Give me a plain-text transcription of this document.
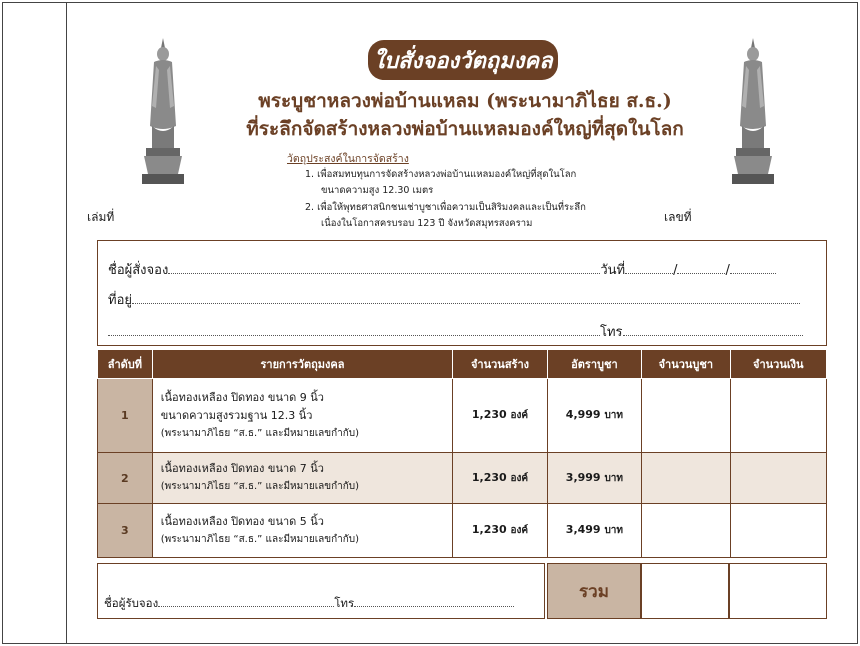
ใบสั่งจองวัตถุมงคล
พระบูชาหลวงพ่อบ้านแหลม (พระนามาภิไธย ส.ธ.)
ที่ระลึกจัดสร้างหลวงพ่อบ้านแหลมองค์ใหญ่ที่สุดในโลก
วัตถุประสงค์ในการจัดสร้าง
1. เพื่อสมทบทุนการจัดสร้างหลวงพ่อบ้านแหลมองค์ใหญ่ที่สุดในโลก
ขนาดความสูง 12.30 เมตร
2. เพื่อให้พุทธศาสนิกชนเช่าบูชาเพื่อความเป็นสิริมงคลและเป็นที่ระลึก
เนื่องในโอกาสครบรอบ 123 ปี จังหวัดสมุทรสงคราม
เล่มที่	เลขที่
ชื่อผู้สั่งจอง	วันที่	/	/
ที่อยู่
โทร
ลำดับที่	รายการวัตถุมงคล	จำนวนสร้าง	อัตราบูชา	จำนวนบูชา	จำนวนเงิน
1	เนื้อทองเหลือง ปิดทอง ขนาด 9 นิ้ว
ขนาดความสูงรวมฐาน 12.3 นิ้ว
(พระนามาภิไธย “ส.ธ.” และมีหมายเลขกำกับ)	1,230 องค์	4,999 บาท		
2	เนื้อทองเหลือง ปิดทอง ขนาด 7 นิ้ว
(พระนามาภิไธย “ส.ธ.” และมีหมายเลขกำกับ)	1,230 องค์	3,999 บาท		
3	เนื้อทองเหลือง ปิดทอง ขนาด 5 นิ้ว
(พระนามาภิไธย “ส.ธ.” และมีหมายเลขกำกับ)	1,230 องค์	3,499 บาท		
ชื่อผู้รับจอง	โทร
รวม
